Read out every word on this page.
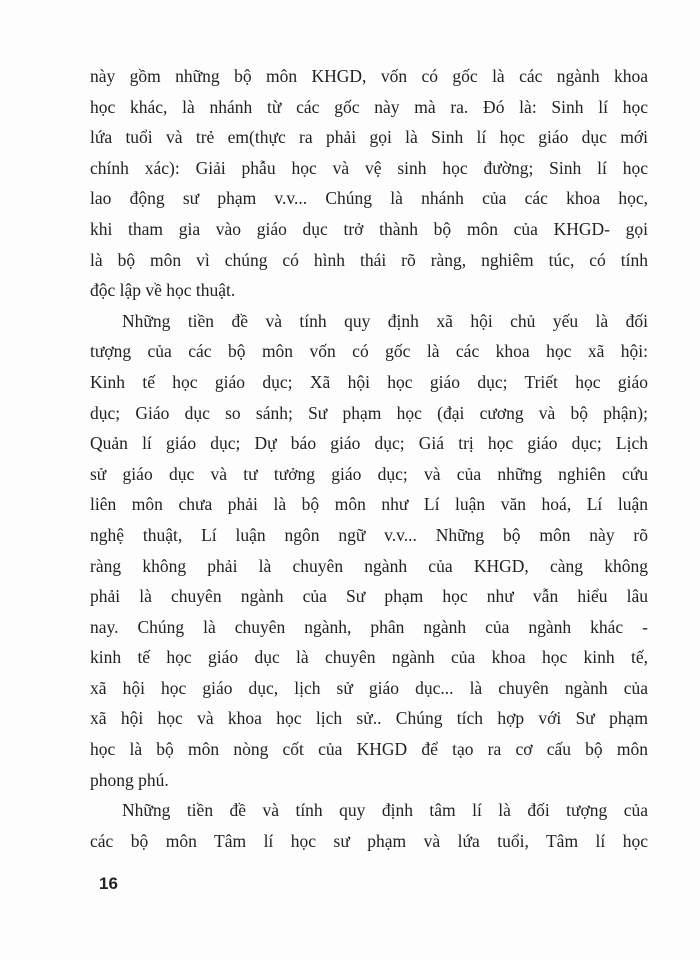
này gồm những bộ môn KHGD, vốn có gốc là các ngành khoa
học khác, là nhánh từ các gốc này mà ra. Đó là: Sinh lí học
lứa tuổi và trẻ em(thực ra phải gọi là Sinh lí học giáo dục mới
chính xác): Giải phẫu học và vệ sinh học đường; Sinh lí học
lao động sư phạm v.v... Chúng là nhánh của các khoa học,
khi tham gia vào giáo dục trở thành bộ môn của KHGD- gọi
là bộ môn vì chúng có hình thái rõ ràng, nghiêm túc, có tính
độc lập về học thuật.
Những tiền đề và tính quy định xã hội chủ yếu là đối
tượng của các bộ môn vốn có gốc là các khoa học xã hội:
Kinh tế học giáo dục; Xã hội học giáo dục; Triết học giáo
dục; Giáo dục so sánh; Sư phạm học (đại cương và bộ phận);
Quản lí giáo dục; Dự báo giáo dục; Giá trị học giáo dục; Lịch
sử giáo dục và tư tưởng giáo dục; và của những nghiên cứu
liên môn chưa phải là bộ môn như Lí luận văn hoá, Lí luận
nghệ thuật, Lí luận ngôn ngữ v.v... Những bộ môn này rõ
ràng không phải là chuyên ngành của KHGD, càng không
phải là chuyên ngành của Sư phạm học như vẫn hiểu lâu
nay. Chúng là chuyên ngành, phân ngành của ngành khác -
kinh tế học giáo dục là chuyên ngành của khoa học kinh tế,
xã hội học giáo dục, lịch sử giáo dục... là chuyên ngành của
xã hội học và khoa học lịch sử.. Chúng tích hợp với Sư phạm
học là bộ môn nòng cốt của KHGD để tạo ra cơ cấu bộ môn
phong phú.
Những tiền đề và tính quy định tâm lí là đối tượng của
các bộ môn Tâm lí học sư phạm và lứa tuổi, Tâm lí học
16
